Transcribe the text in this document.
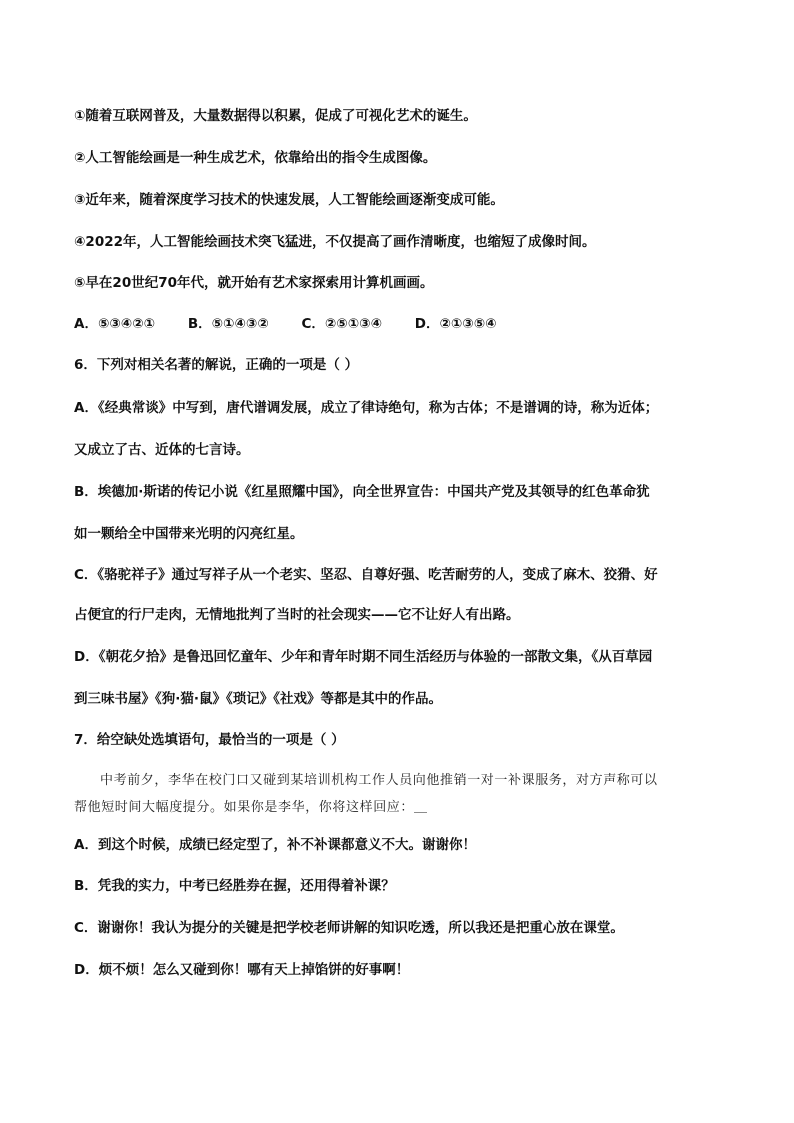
①随着互联网普及，大量数据得以积累，促成了可视化艺术的诞生。
②人工智能绘画是一种生成艺术，依靠给出的指令生成图像。
③近年来，随着深度学习技术的快速发展，人工智能绘画逐渐变成可能。
④2022年，人工智能绘画技术突飞猛进，不仅提高了画作清晰度，也缩短了成像时间。
⑤早在20世纪70年代，就开始有艺术家探索用计算机画画。
A．⑤③④②① B．⑤①④③② C．②⑤①③④ D．②①③⑤④
6．下列对相关名著的解说，正确的一项是（ ）
A．《经典常谈》中写到，唐代谱调发展，成立了律诗绝句，称为古体；不是谱调的诗，称为近体；
又成立了古、近体的七言诗。
B．埃德加·斯诺的传记小说《红星照耀中国》，向全世界宣告：中国共产党及其领导的红色革命犹
如一颗给全中国带来光明的闪亮红星。
C．《骆驼祥子》通过写祥子从一个老实、坚忍、自尊好强、吃苦耐劳的人，变成了麻木、狡猾、好
占便宜的行尸走肉，无情地批判了当时的社会现实——它不让好人有出路。
D．《朝花夕拾》是鲁迅回忆童年、少年和青年时期不同生活经历与体验的一部散文集，《从百草园
到三味书屋》《狗·猫·鼠》《琐记》《社戏》等都是其中的作品。
7．给空缺处选填语句，最恰当的一项是（ ）
中考前夕，李华在校门口又碰到某培训机构工作人员向他推销一对一补课服务，对方声称可以
帮他短时间大幅度提分。如果你是李华，你将这样回应：＿
A．到这个时候，成绩已经定型了，补不补课都意义不大。谢谢你！
B．凭我的实力，中考已经胜券在握，还用得着补课？
C．谢谢你！我认为提分的关键是把学校老师讲解的知识吃透，所以我还是把重心放在课堂。
D．烦不烦！怎么又碰到你！哪有天上掉馅饼的好事啊！
